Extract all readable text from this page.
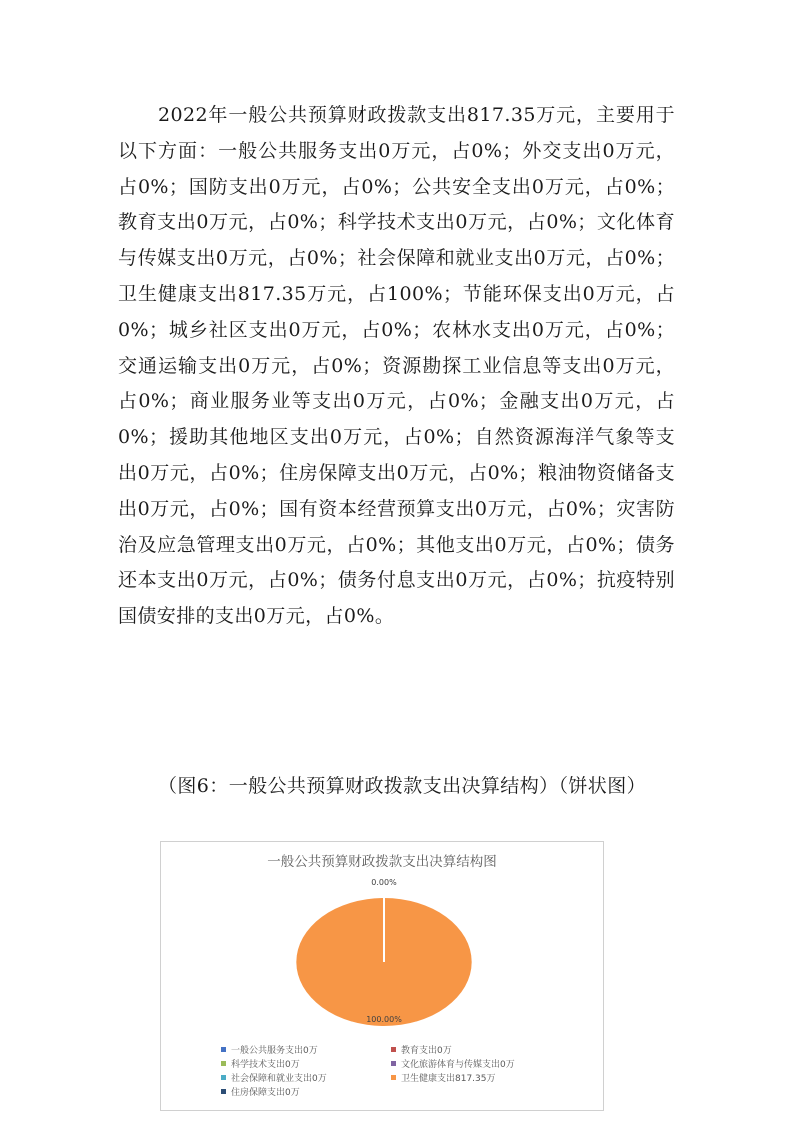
2022年一般公共预算财政拨款支出817.35万元，主要用于以下方面：一般公共服务支出0万元，占0%；外交支出0万元，占0%；国防支出0万元，占0%；公共安全支出0万元，占0%；教育支出0万元，占0%；科学技术支出0万元，占0%；文化体育与传媒支出0万元，占0%；社会保障和就业支出0万元，占0%；卫生健康支出817.35万元，占100%；节能环保支出0万元，占0%；城乡社区支出0万元，占0%；农林水支出0万元，占0%；交通运输支出0万元，占0%；资源勘探工业信息等支出0万元，占0%；商业服务业等支出0万元，占0%；金融支出0万元，占0%；援助其他地区支出0万元，占0%；自然资源海洋气象等支出0万元，占0%；住房保障支出0万元，占0%；粮油物资储备支出0万元，占0%；国有资本经营预算支出0万元，占0%；灾害防治及应急管理支出0万元，占0%；其他支出0万元，占0%；债务还本支出0万元，占0%；债务付息支出0万元，占0%；抗疫特别国债安排的支出0万元，占0%。

（图6：一般公共预算财政拨款支出决算结构）（饼状图）

一般公共预算财政拨款支出决算结构图
0.00%
100.00%
一般公共服务支出0万	教育支出0万
科学技术支出0万	文化旅游体育与传媒支出0万
社会保障和就业支出0万	卫生健康支出817.35万
住房保障支出0万
